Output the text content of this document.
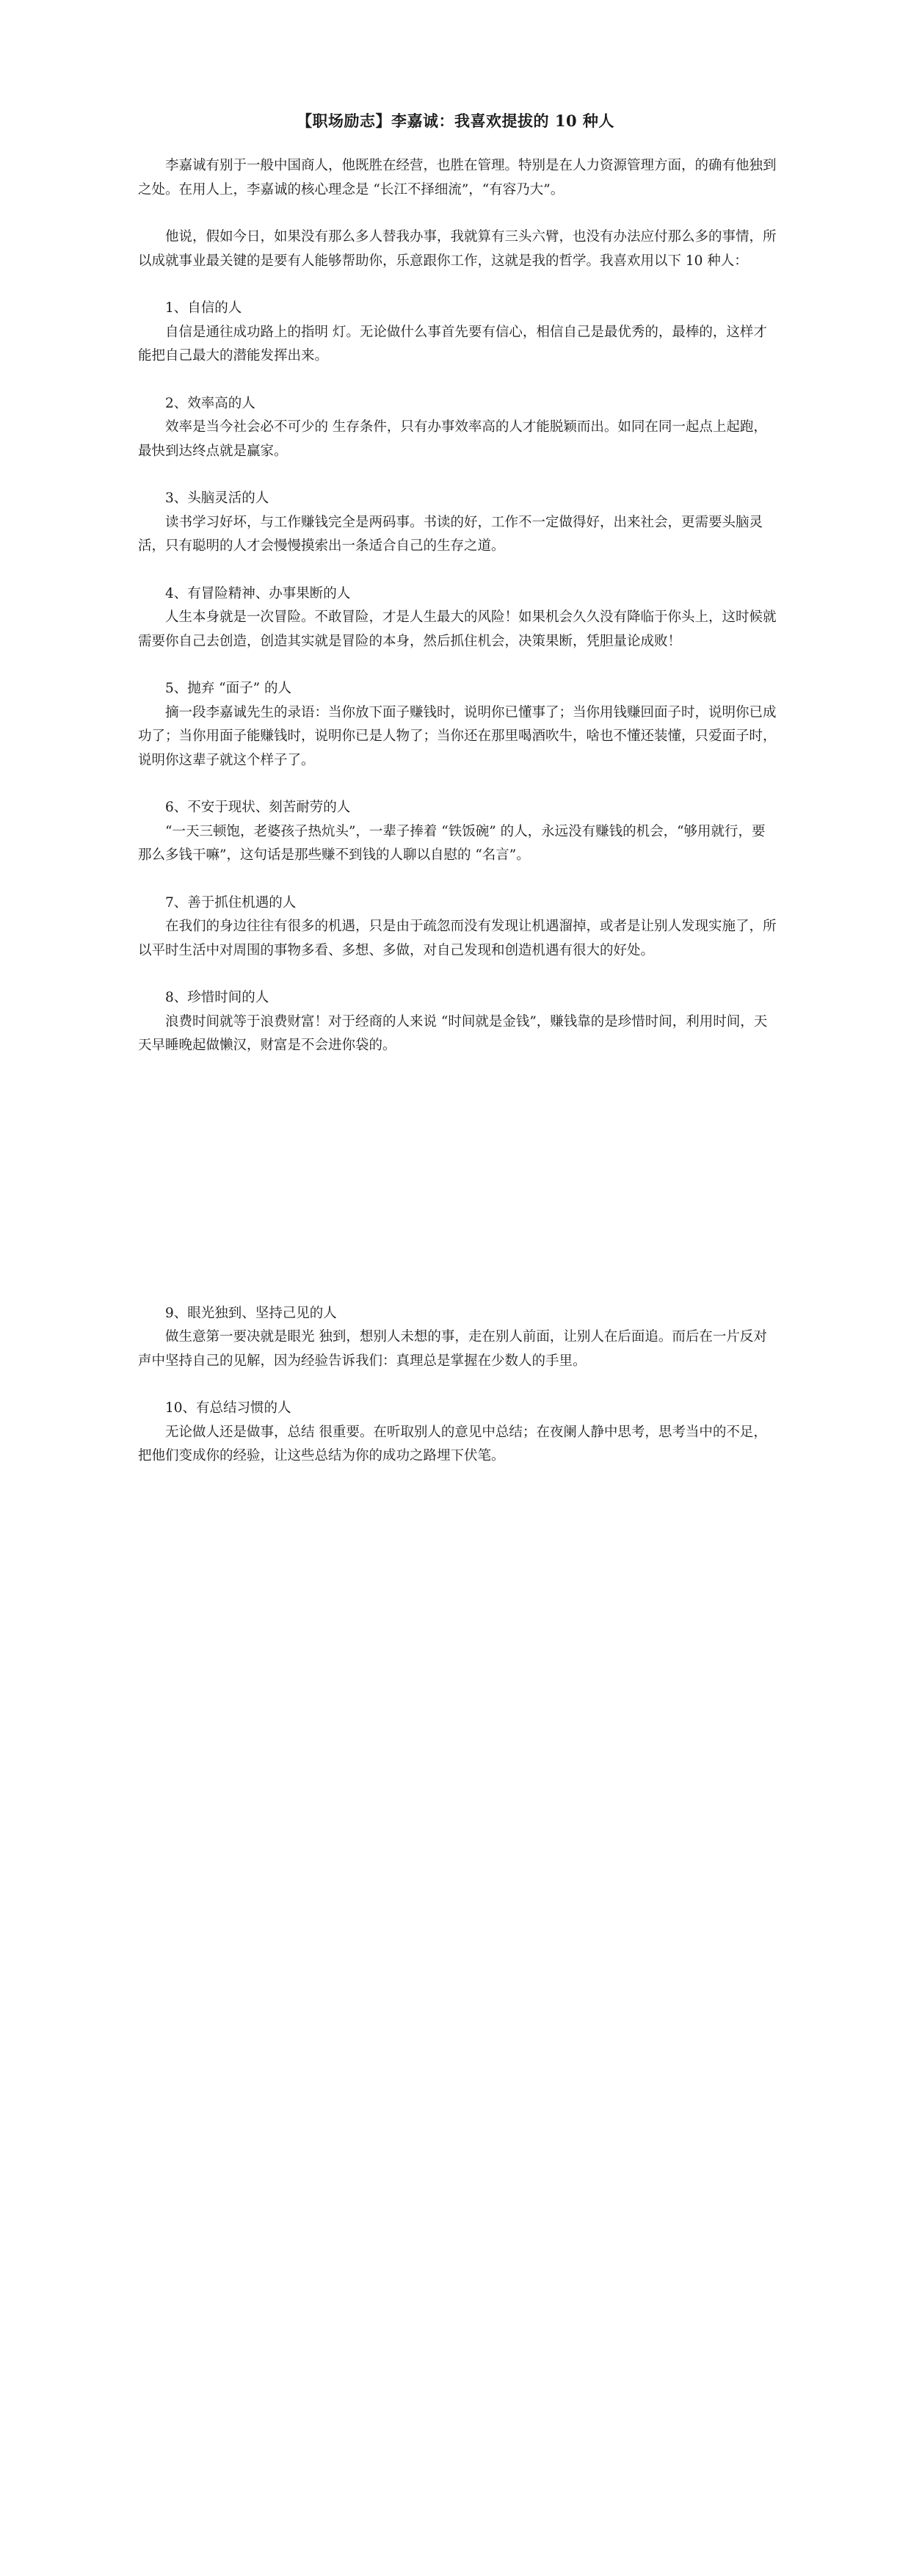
【职场励志】李嘉诚：我喜欢提拔的 10 种人

李嘉诚有别于一般中国商人，他既胜在经营，也胜在管理。特别是在人力资源管理方面，的确有他独到之处。在用人上，李嘉诚的核心理念是 “长江不择细流”，“有容乃大”。

他说，假如今日，如果没有那么多人替我办事，我就算有三头六臂，也没有办法应付那么多的事情，所以成就事业最关键的是要有人能够帮助你，乐意跟你工作，这就是我的哲学。我喜欢用以下 10 种人：

1、自信的人

自信是通往成功路上的指明 灯。无论做什么事首先要有信心，相信自己是最优秀的，最棒的，这样才能把自己最大的潜能发挥出来。

2、效率高的人

效率是当今社会必不可少的 生存条件，只有办事效率高的人才能脱颖而出。如同在同一起点上起跑，最快到达终点就是赢家。

3、头脑灵活的人

读书学习好坏，与工作赚钱完全是两码事。书读的好，工作不一定做得好，出来社会，更需要头脑灵活，只有聪明的人才会慢慢摸索出一条适合自己的生存之道。

4、有冒险精神、办事果断的人

人生本身就是一次冒险。不敢冒险，才是人生最大的风险！如果机会久久没有降临于你头上，这时候就需要你自己去创造，创造其实就是冒险的本身，然后抓住机会，决策果断，凭胆量论成败！

5、抛弃 “面子” 的人

摘一段李嘉诚先生的录语：当你放下面子赚钱时，说明你已懂事了；当你用钱赚回面子时，说明你已成功了；当你用面子能赚钱时，说明你已是人物了；当你还在那里喝酒吹牛，啥也不懂还装懂，只爱面子时，说明你这辈子就这个样子了。

6、不安于现状、刻苦耐劳的人

“一天三顿饱，老婆孩子热炕头”，一辈子捧着 “铁饭碗” 的人，永远没有赚钱的机会，“够用就行，要那么多钱干嘛”，这句话是那些赚不到钱的人聊以自慰的 “名言”。

7、善于抓住机遇的人

在我们的身边往往有很多的机遇，只是由于疏忽而没有发现让机遇溜掉，或者是让别人发现实施了，所以平时生活中对周围的事物多看、多想、多做，对自己发现和创造机遇有很大的好处。

8、珍惜时间的人

浪费时间就等于浪费财富！对于经商的人来说 “时间就是金钱”，赚钱靠的是珍惜时间，利用时间，天天早睡晚起做懒汉，财富是不会进你袋的。

9、眼光独到、坚持己见的人

做生意第一要决就是眼光 独到，想别人未想的事，走在别人前面，让别人在后面追。而后在一片反对声中坚持自己的见解，因为经验告诉我们：真理总是掌握在少数人的手里。

10、有总结习惯的人

无论做人还是做事，总结 很重要。在听取别人的意见中总结；在夜阑人静中思考，思考当中的不足，把他们变成你的经验，让这些总结为你的成功之路埋下伏笔。
